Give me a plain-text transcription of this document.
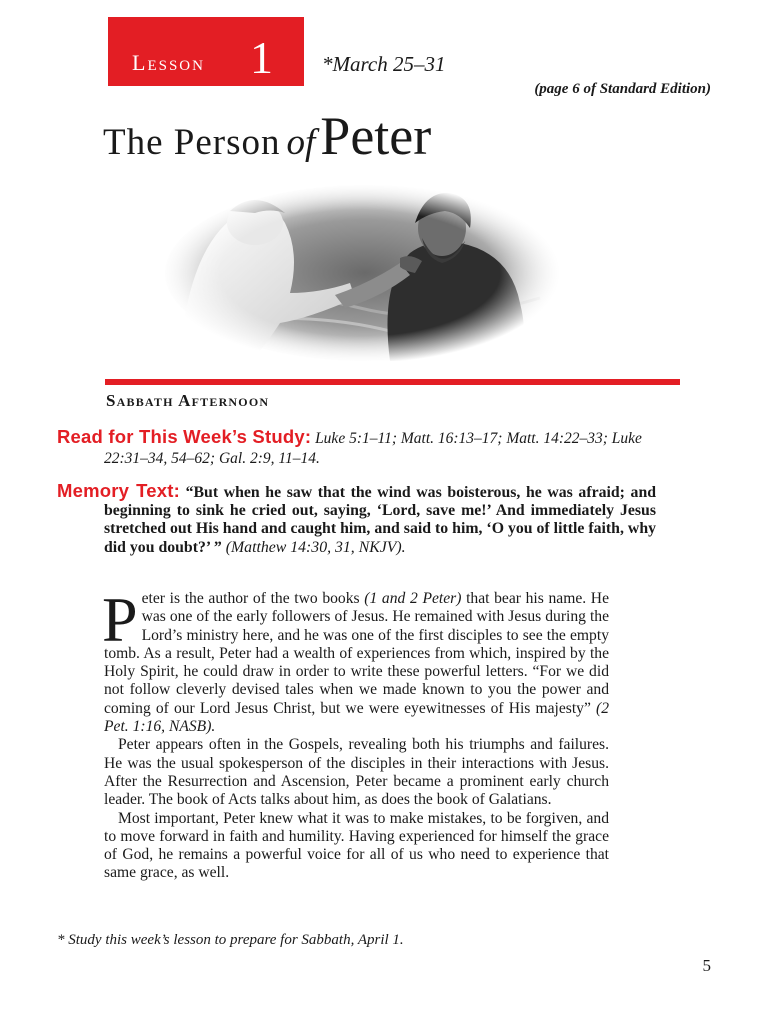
Lesson 1 *March 25–31
(page 6 of Standard Edition)
The Person ofPeter
Sabbath Afternoon
Read for This Week’s Study: Luke 5:1–11; Matt. 16:13–17; Matt. 14:22–33; Luke 22:31–34, 54–62; Gal. 2:9, 11–14.
Memory Text: “But when he saw that the wind was boisterous, he was afraid; and beginning to sink he cried out, saying, ‘Lord, save me!’ And immediately Jesus stretched out His hand and caught him, and said to him, ‘O you of little faith, why did you doubt?’ ” (Matthew 14:30, 31, NKJV).

Peter is the author of the two books (1 and 2 Peter) that bear his name. He was one of the early followers of Jesus. He remained with Jesus during the Lord’s ministry here, and he was one of the first disciples to see the empty tomb. As a result, Peter had a wealth of experiences from which, inspired by the Holy Spirit, he could draw in order to write these powerful letters. “For we did not follow cleverly devised tales when we made known to you the power and coming of our Lord Jesus Christ, but we were eyewitnesses of His majesty” (2 Pet. 1:16, NASB).

Peter appears often in the Gospels, revealing both his triumphs and failures. He was the usual spokesperson of the disciples in their interactions with Jesus. After the Resurrection and Ascension, Peter became a prominent early church leader. The book of Acts talks about him, as does the book of Galatians.

Most important, Peter knew what it was to make mistakes, to be forgiven, and to move forward in faith and humility. Having experienced for himself the grace of God, he remains a powerful voice for all of us who need to experience that same grace, as well.

* Study this week’s lesson to prepare for Sabbath, April 1.
5
